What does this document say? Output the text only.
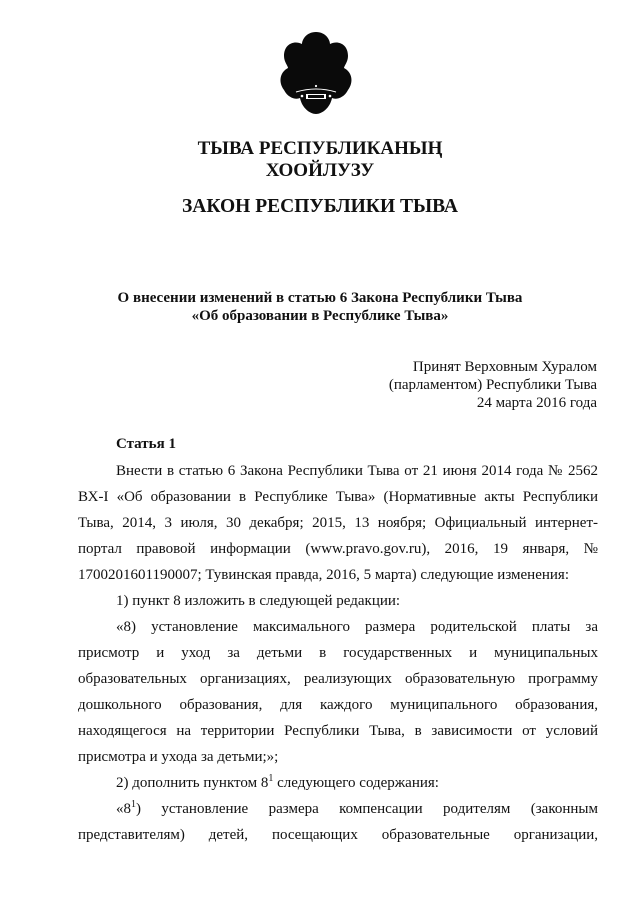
ТЫВА РЕСПУБЛИКАНЫҢ
ХООЙЛУЗУ
ЗАКОН РЕСПУБЛИКИ ТЫВА
О внесении изменений в статью 6 Закона Республики Тыва
«Об образовании в Республике Тыва»
Принят Верховным Хуралом
(парламентом) Республики Тыва
24 марта 2016 года
Статья 1
Внести в статью 6 Закона Республики Тыва от 21 июня 2014 года № 2562
ВХ-I «Об образовании в Республике Тыва» (Нормативные акты Республики
Тыва, 2014, 3 июля, 30 декабря; 2015, 13 ноября; Официальный интернет-
портал правовой информации (www.pravo.gov.ru), 2016, 19 января, №
1700201601190007; Тувинская правда, 2016, 5 марта) следующие изменения:
1) пункт 8 изложить в следующей редакции:
«8) установление максимального размера родительской платы за
присмотр и уход за детьми в государственных и муниципальных
образовательных организациях, реализующих образовательную программу
дошкольного образования, для каждого муниципального образования,
находящегося на территории Республики Тыва, в зависимости от условий
присмотра и ухода за детьми;»;
2) дополнить пунктом $8^1$ следующего содержания:
«$8^1$) установление размера компенсации родителям (законным
представителям) детей, посещающих образовательные организации,
